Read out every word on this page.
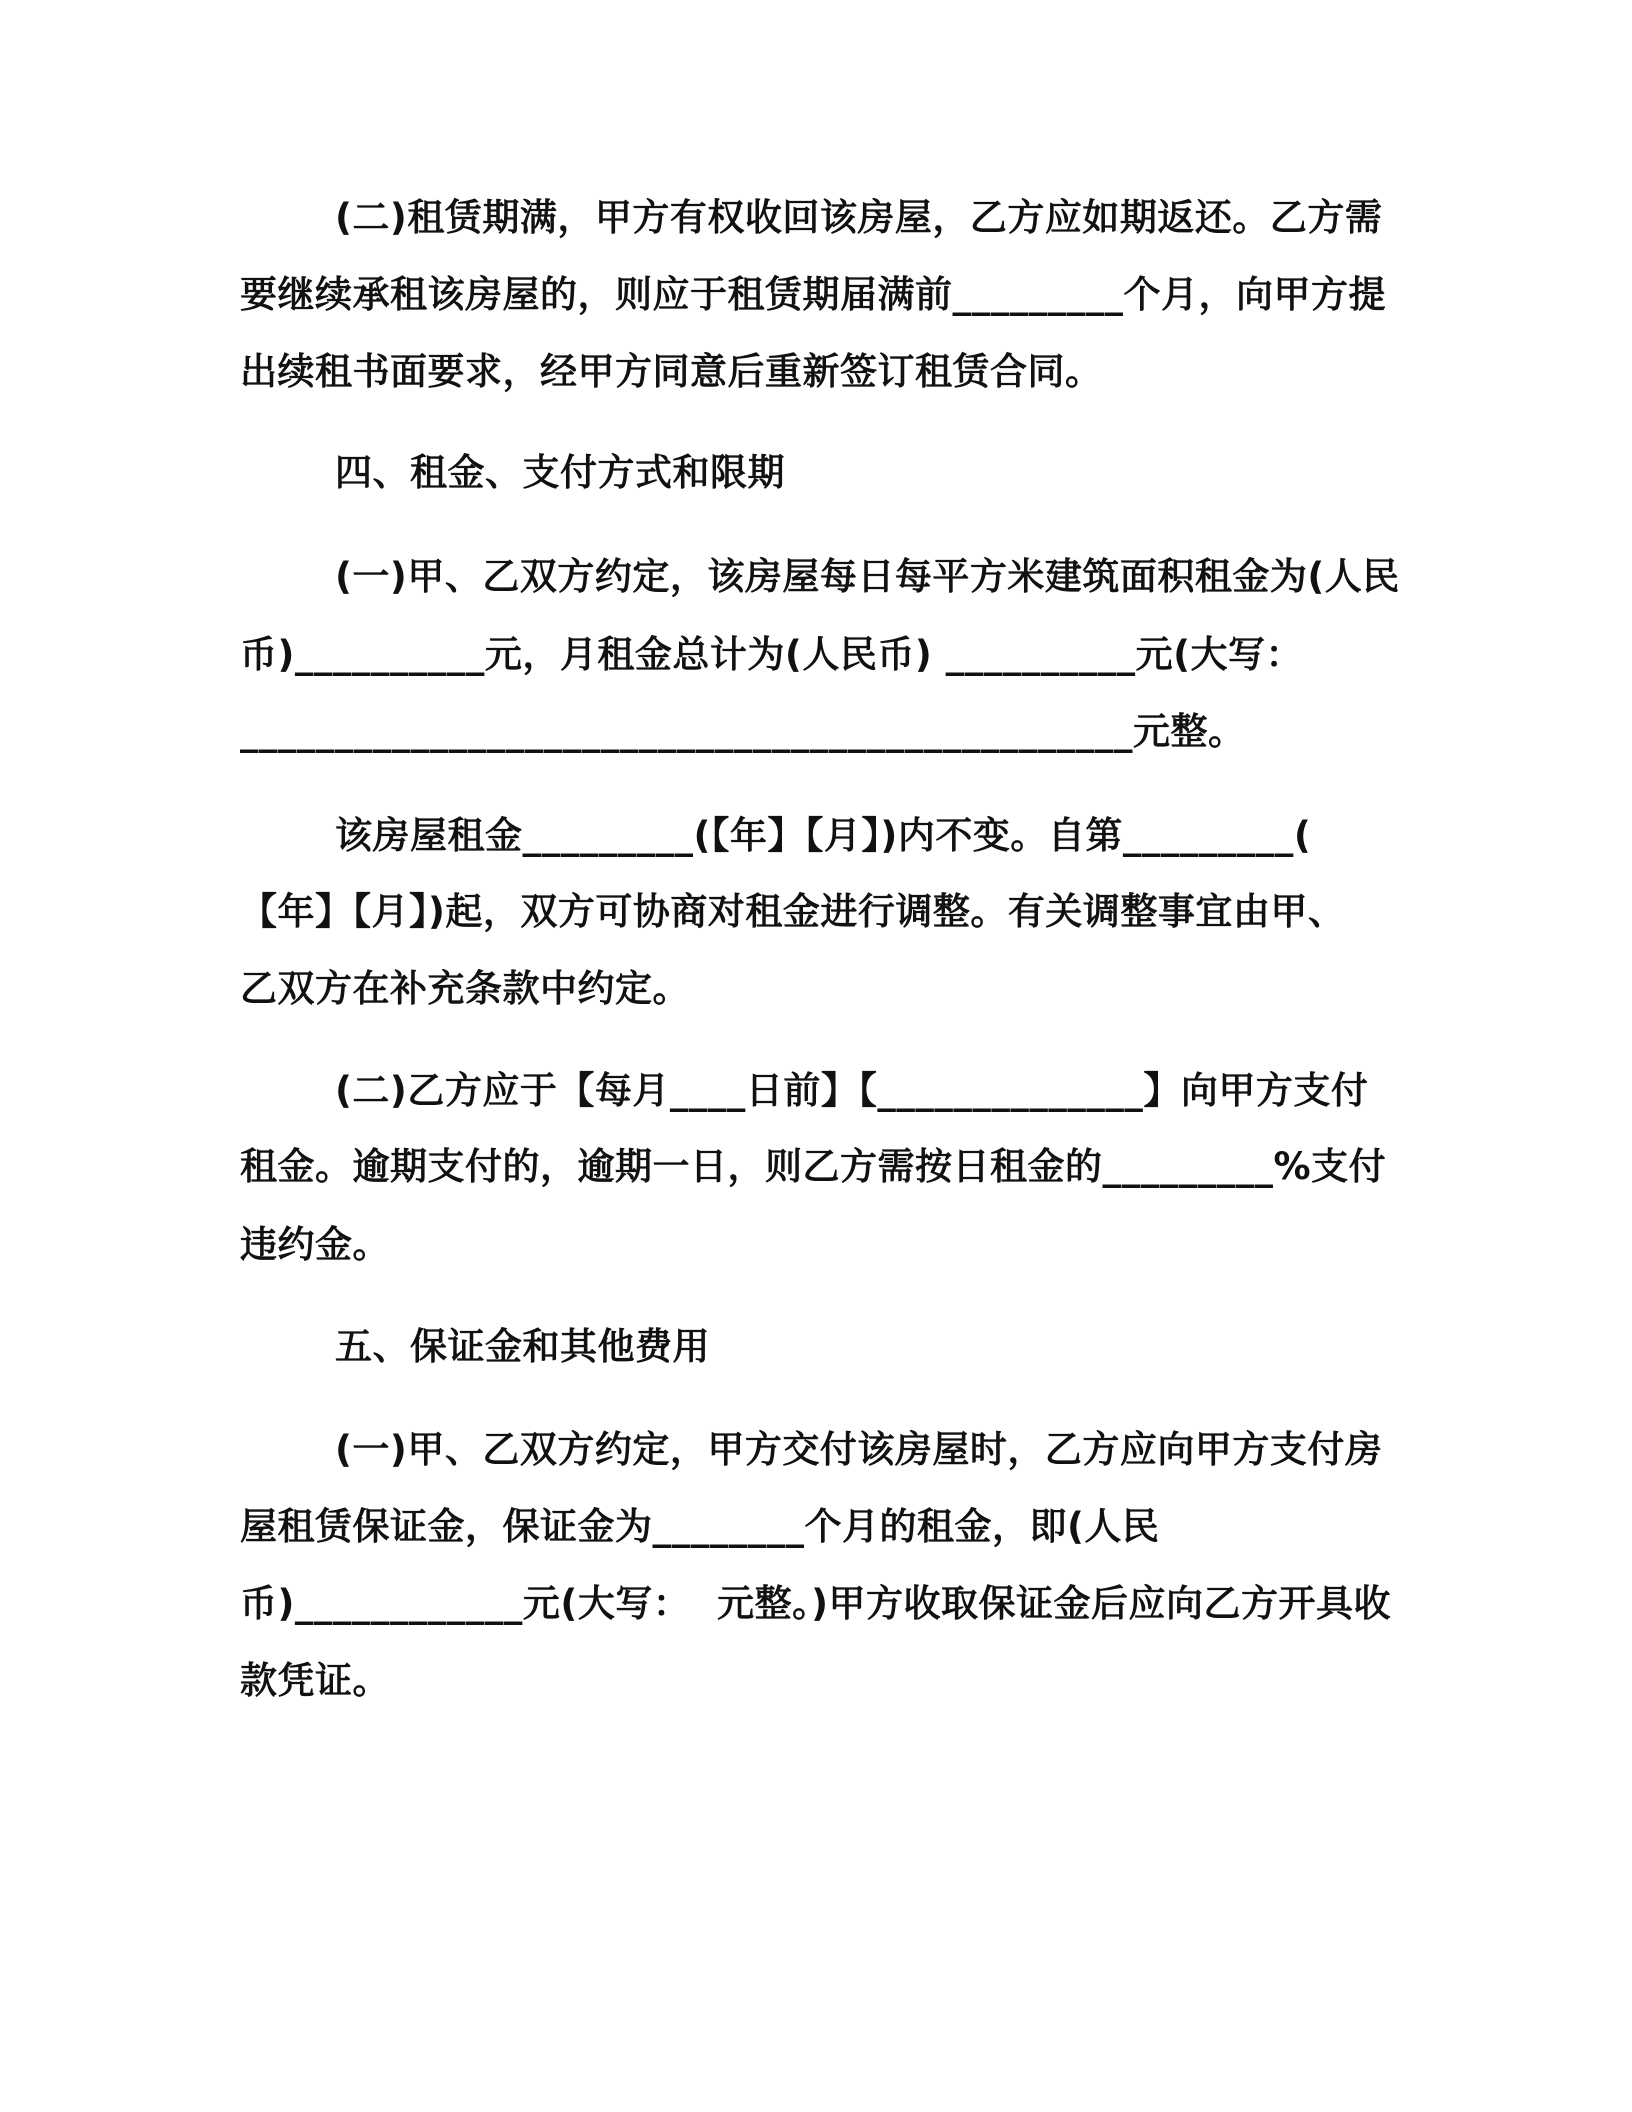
(二)租赁期满，甲方有权收回该房屋，乙方应如期返还。乙方需
要继续承租该房屋的，则应于租赁期届满前_________个月，向甲方提
出续租书面要求，经甲方同意后重新签订租赁合同。
四、租金、支付方式和限期
(一)甲、乙双方约定，该房屋每日每平方米建筑面积租金为(人民
币)__________元，月租金总计为(人民币) __________元(大写：
_______________________________________________元整。
该房屋租金_________(【年】【月】)内不变。自第_________(
【年】【月】)起，双方可协商对租金进行调整。有关调整事宜由甲、
乙双方在补充条款中约定。
(二)乙方应于【每月____日前】【______________】向甲方支付
租金。逾期支付的，逾期一日，则乙方需按日租金的_________%支付
违约金。
五、保证金和其他费用
(一)甲、乙双方约定，甲方交付该房屋时，乙方应向甲方支付房
屋租赁保证金，保证金为________个月的租金，即(人民
币)____________元(大写：  元整。)甲方收取保证金后应向乙方开具收
款凭证。
